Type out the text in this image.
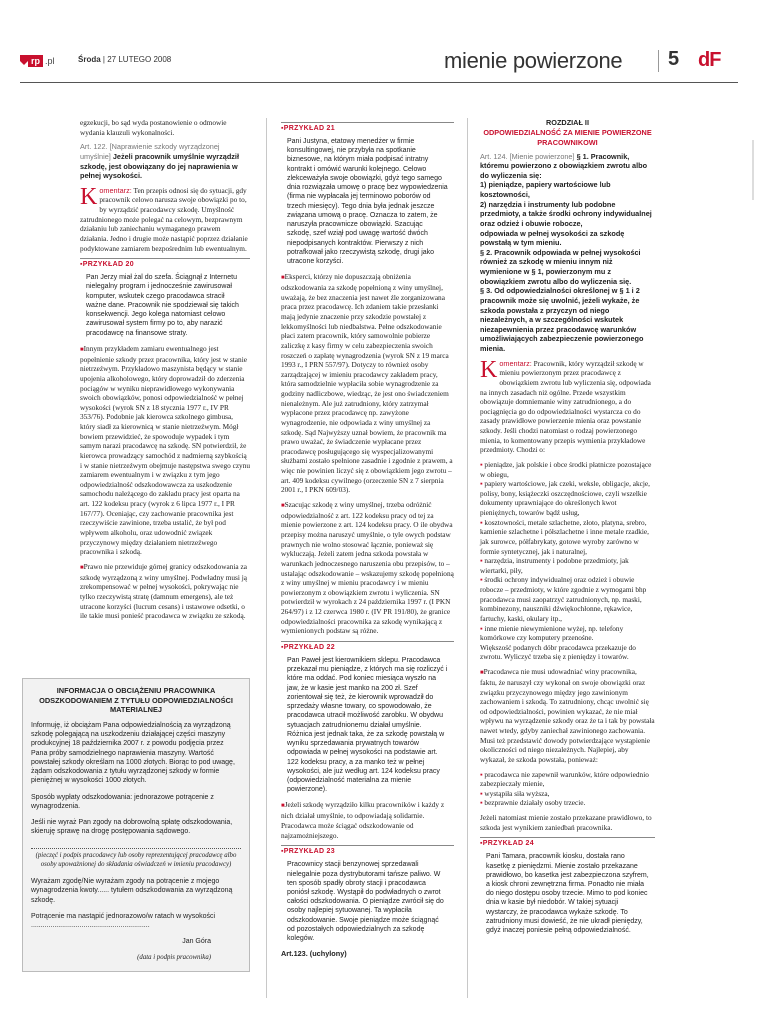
rp .pl	Środa | 27 LUTEGO 2008	mienie powierzone 5 dF

egzekucji, bo sąd wyda postanowienie o odmowie wydania klauzuli wykonalności.

Art. 122. [Naprawienie szkody wyrządzonej umyślnie] Jeżeli pracownik umyślnie wyrządził szkodę, jest obowiązany do jej naprawienia w pełnej wysokości.

K omentarz: Ten przepis odnosi się do sytuacji, gdy pracownik celowo narusza swoje obowiązki po to, by wyrządzić pracodawcy szkodę. Umyślność zatrudnionego może polegać na celowym, bezprawnym działaniu lub zaniechaniu wymaganego prawem działania. Jedno i drugie może nastąpić poprzez działanie podyktowane zamiarem bezpośrednim lub ewentualnym.

▪PRZYKŁAD 20

Pan Jerzy miał żal do szefa. Ściągnął z Internetu nielegalny program i jednocześnie zawirusował komputer, wskutek czego pracodawca stracił ważne dane. Pracownik nie spodziewał się takich konsekwencji. Jego kolega natomiast celowo zawirusował system firmy po to, aby narazić pracodawcę na finansowe straty.

■Innym przykładem zamiaru ewentualnego jest popełnienie szkody przez pracownika, który jest w stanie nietrzeźwym. Przykładowo maszynista będący w stanie upojenia alkoholowego, który doprowadził do zderzenia pociągów w wyniku nieprawidłowego wykonywania swoich obowiązków, ponosi odpowiedzialność w pełnej wysokości (wyrok SN z 18 stycznia 1977 r., IV PR 353/76). Podobnie jak kierowca szkolnego gimbusa, który siadł za kierownicą w stanie nietrzeźwym. Mógł bowiem przewidzieć, że spowoduje wypadek i tym samym narazi pracodawcę na szkodę. SN potwierdził, że kierowca prowadzący samochód z nadmierną szybkością i w stanie nietrzeźwym obejmuje następstwa swego czynu zamiarem ewentualnym i w związku z tym jego odpowiedzialność odszkodowawcza za uszkodzenie samochodu należącego do zakładu pracy jest oparta na art. 122 kodeksu pracy (wyrok z 6 lipca 1977 r., I PR 167/77). Oceniając, czy zachowanie pracownika jest rzeczywiście zawinione, trzeba ustalić, że był pod wpływem alkoholu, oraz udowodnić związek przyczynowy między działaniem nietrzeźwego pracownika i szkodą.

■Prawo nie przewiduje górnej granicy odszkodowania za szkodę wyrządzoną z winy umyślnej. Podwładny musi ją zrekompensować w pełnej wysokości, pokrywając nie tylko rzeczywistą stratę (damnum emergens), ale też utracone korzyści (lucrum cesans) i ustawowe odsetki, o ile takie musi ponieść pracodawca w związku ze szkodą.

INFORMACJA O OBCIĄŻENIU PRACOWNIKA ODSZKODOWANIEM Z TYTUŁU ODPOWIEDZIALNOŚCI MATERIALNEJ

Informuję, iż obciążam Pana odpowiedzialnością za wyrządzoną szkodę polegającą na uszkodzeniu działającej części maszyny produkcyjnej 18 października 2007 r. z powodu podjęcia przez Pana próby samodzielnego naprawienia maszyny. Wartość powstałej szkody określam na 1000 złotych. Biorąc to pod uwagę, żądam odszkodowania z tytułu wyrządzonej szkody w formie pieniężnej w wysokości 1000 złotych.

Sposób wypłaty odszkodowania: jednorazowe potrącenie z wynagrodzenia.

Jeśli nie wyraż Pan zgody na dobrowolną spłatę odszkodowania, skieruję sprawę na drogę postępowania sądowego.

(pieczęć i podpis pracodawcy lub osoby reprezentującej pracodawcę albo osoby upoważnionej do składania oświadczeń w imieniu pracodawcy)

Wyrażam zgodę/Nie wyrażam zgody na potrącenie z mojego wynagrodzenia kwoty...... tytułem odszkodowania za wyrządzoną szkodę.

Potrącenie ma nastąpić jednorazowo/w ratach w wysokości .............................................................

Jan Góra

(data i podpis pracownika)

▪PRZYKŁAD 21

Pani Justyna, etatowy menedżer w firmie konsultingowej, nie przybyła na spotkanie biznesowe, na którym miała podpisać intratny kontrakt i omówić warunki kolejnego. Celowo zlekceważyła swoje obowiązki, gdyż tego samego dnia rozwiązała umowę o pracę bez wypowiedzenia (firma nie wypłacała jej terminowo poborów od trzech miesięcy). Tego dnia była jednak jeszcze związana umową o pracę. Oznacza to zatem, że naruszyła pracownicze obowiązki. Szacując szkodę, szef wziął pod uwagę wartość dwóch niepodpisanych kontraktów. Pierwszy z nich potrafkował jako rzeczywistą szkodę, drugi jako utracone korzyści.

■Eksperci, którzy nie dopuszczają obniżenia odszkodowania za szkodę popełnioną z winy umyślnej, uważają, że bez znaczenia jest nawet źle zorganizowana praca przez pracodawcę. Ich zdaniem takie przesłanki mają jedynie znaczenie przy szkodzie powstałej z lekkomyślności lub niedbalstwa. Pełne odszkodowanie płaci zatem pracownik, który samowolnie pobierze zaliczkę z kasy firmy w celu zabezpieczenia swoich roszczeń o zapłatę wynagrodzenia (wyrok SN z 19 marca 1993 r., I PRN 557/97). Dotyczy to również osoby zarządzającej w imieniu pracodawcy zakładem pracy, która samodzielnie wypłaciła sobie wynagrodzenie za godziny nadliczbowe, wiedząc, że jest ono świadczeniem nienależnym. Ale już zatrudniony, który zatrzymał wypłacone przez pracodawcę np. zawyżone wynagrodzenie, nie odpowiada z winy umyślnej za szkodę. Sąd Najwyższy uznał bowiem, że pracownik ma prawo uważać, że świadczenie wypłacane przez pracodawcę posługującego się wyspecjalizowanymi służbami zostało spełnione zasadnie i zgodnie z prawem, a więc nie powinien liczyć się z obowiązkiem jego zwrotu – art. 409 kodeksu cywilnego (orzeczenie SN z 7 sierpnia 2001 r., I PKN 609/03).

■Szacując szkodę z winy umyślnej, trzeba odróżnić odpowiedzialność z art. 122 kodeksu pracy od tej za mienie powierzone z art. 124 kodeksu pracy. O ile obydwa przepisy można naruszyć umyślnie, o tyle owych podstaw prawnych nie wolno stosować łącznie, ponieważ się wykluczają. Jeżeli zatem jedna szkoda powstała w warunkach jednoczesnego naruszenia obu przepisów, to – ustalając odszkodowanie – wskazujemy szkodę popełnioną z winy umyślnej w mieniu pracodawcy i w mieniu powierzonym z obowiązkiem zwrotu i wyliczenia. SN potwierdził w wyrokach z 24 października 1997 r. (I PKN 264/97) i z 12 czerwca 1980 r. (IV PR 191/80), że granice odpowiedzialności pracownika za szkodę wynikającą z wymienionych podstaw są różne.

▪PRZYKŁAD 22

Pan Paweł jest kierownikiem sklepu. Pracodawca przekazał mu pieniądze, z których ma się rozliczyć i które ma oddać. Pod koniec miesiąca wyszło na jaw, że w kasie jest manko na 200 zł. Szef zorientował się też, że kierownik wprowadził do sprzedaży własne towary, co spowodowało, że pracodawca utracił możliwość zarobku. W obydwu sytuacjach zatrudnionemu działał umyślnie. Różnica jest jednak taka, że za szkodę powstałą w wyniku sprzedawania prywatnych towarów odpowiada w pełnej wysokości na podstawie art. 122 kodeksu pracy, a za manko też w pełnej wysokości, ale już według art. 124 kodeksu pracy (odpowiedzialność materialna za mienie powierzone).

■Jeżeli szkodę wyrządziło kilku pracowników i każdy z nich działał umyślnie, to odpowiadają solidarnie. Pracodawca może ściągać odszkodowanie od najzamożniejszego.

▪PRZYKŁAD 23

Pracownicy stacji benzynowej sprzedawali nielegalnie poza dystrybutorami tańsze paliwo. W ten sposób spadły obroty stacji i pracodawca poniósł szkodę. Wystąpił do podwładnych o zwrot całości odszkodowania. O pieniądze zwrócił się do osoby najlepiej sytuowanej. Ta wypłaciła odszkodowanie. Swoje pieniądze może ściągnąć od pozostałych odpowiedzialnych za szkodę kolegów.

Art.123. (uchylony)

ROZDZIAŁ II
ODPOWIEDZIALNOŚĆ ZA MIENIE POWIERZONE PRACOWNIKOWI
Art. 124. [Mienie powierzone] § 1. Pracownik, któremu powierzono z obowiązkiem zwrotu albo do wyliczenia się:
1) pieniądze, papiery wartościowe lub kosztowności,
2) narzędzia i instrumenty lub podobne przedmioty, a także środki ochrony indywidualnej oraz odzież i obuwie robocze,
odpowiada w pełnej wysokości za szkodę powstałą w tym mieniu.
§ 2. Pracownik odpowiada w pełnej wysokości również za szkodę w mieniu innym niż wymienione w § 1, powierzonym mu z obowiązkiem zwrotu albo do wyliczenia się.
§ 3. Od odpowiedzialności określonej w § 1 i 2 pracownik może się uwolnić, jeżeli wykaże, że szkoda powstała z przyczyn od niego niezależnych, a w szczególności wskutek niezapewnienia przez pracodawcę warunków umożliwiających zabezpieczenie powierzonego mienia.

K omentarz: Pracownik, który wyrządził szkodę w mieniu powierzonym przez pracodawcę z obowiązkiem zwrotu lub wyliczenia się, odpowiada na innych zasadach niż ogólne. Przede wszystkim obowiązuje domniemanie winy zatrudnionego, a do pociągnięcia go do odpowiedzialności wystarcza co do zasady prawidłowe powierzenie mienia oraz powstanie szkody. Jeśli chodzi natomiast o rodzaj powierzonego mienia, to komentowany przepis wymienia przykładowe przedmioty. Chodzi o:

▪ pieniądze, jak polskie i obce środki płatnicze pozostające w obiegu,
▪ papiery wartościowe, jak czeki, weksle, obligacje, akcje, polisy, bony, książeczki oszczędnościowe, czyli wszelkie dokumenty uprawniające do określonych kwot pieniężnych, towarów bądź usług,
▪ kosztowności, metale szlachetne, złoto, platyna, srebro, kamienie szlachetne i półszlachetne i inne metale rzadkie, jak surowce, półfabrykaty, gotowe wyroby zarówno w formie syntetycznej, jak i naturalnej,
▪ narzędzia, instrumenty i podobne przedmioty, jak wiertarki, piły,
▪ środki ochrony indywidualnej oraz odzież i obuwie robocze – przedmioty, w które zgodnie z wymogami bhp pracodawca musi zaopatrzyć zatrudnionych, np. maski, kombinezony, nauszniki dźwiękochłonne, rękawice, fartuchy, kaski, okulary itp.,
▪ inne mienie niewymienione wyżej, np. telefony komórkowe czy komputery przenośne.
Większość podanych dóbr pracodawca przekazuje do zwrotu. Wyliczyć trzeba się z pieniędzy i towarów.

■Pracodawca nie musi udowadniać winy pracownika, faktu, że naruszył czy wykonał on swoje obowiązki oraz związku przyczynowego między jego zawinionym zachowaniem i szkodą. To zatrudniony, chcąc uwolnić się od odpowiedzialności, powinien wykazać, że nie miał wpływu na wyrządzenie szkody oraz że ta i tak by powstała nawet wtedy, gdyby zaniechał zawinionego zachowania. Musi też przedstawić dowody potwierdzające wystąpienie okoliczności od niego niezależnych. Najlepiej, aby wykazał, że szkoda powstała, ponieważ:

▪ pracodawca nie zapewnił warunków, które odpowiednio zabezpieczały mienie,
▪ wystąpiła siła wyższa,
▪ bezprawnie działały osoby trzecie.

Jeżeli natomiast mienie zostało przekazane prawidłowo, to szkoda jest wynikiem zaniedbań pracownika.

▪PRZYKŁAD 24

Pani Tamara, pracownik kiosku, dostała rano kasetkę z pieniędzmi. Mienie zostało przekazane prawidłowo, bo kasetka jest zabezpieczona szyfrem, a kiosk chroni zewnętrzna firma. Ponadto nie miała do niego dostępu osoby trzecie. Mimo to pod koniec dnia w kasie był niedobór. W takiej sytuacji wystarczy, że pracodawca wykaże szkodę. To zatrudniony musi dowieść, że nie ukradł pieniędzy, gdyż inaczej poniesie pełną odpowiedzialność.
